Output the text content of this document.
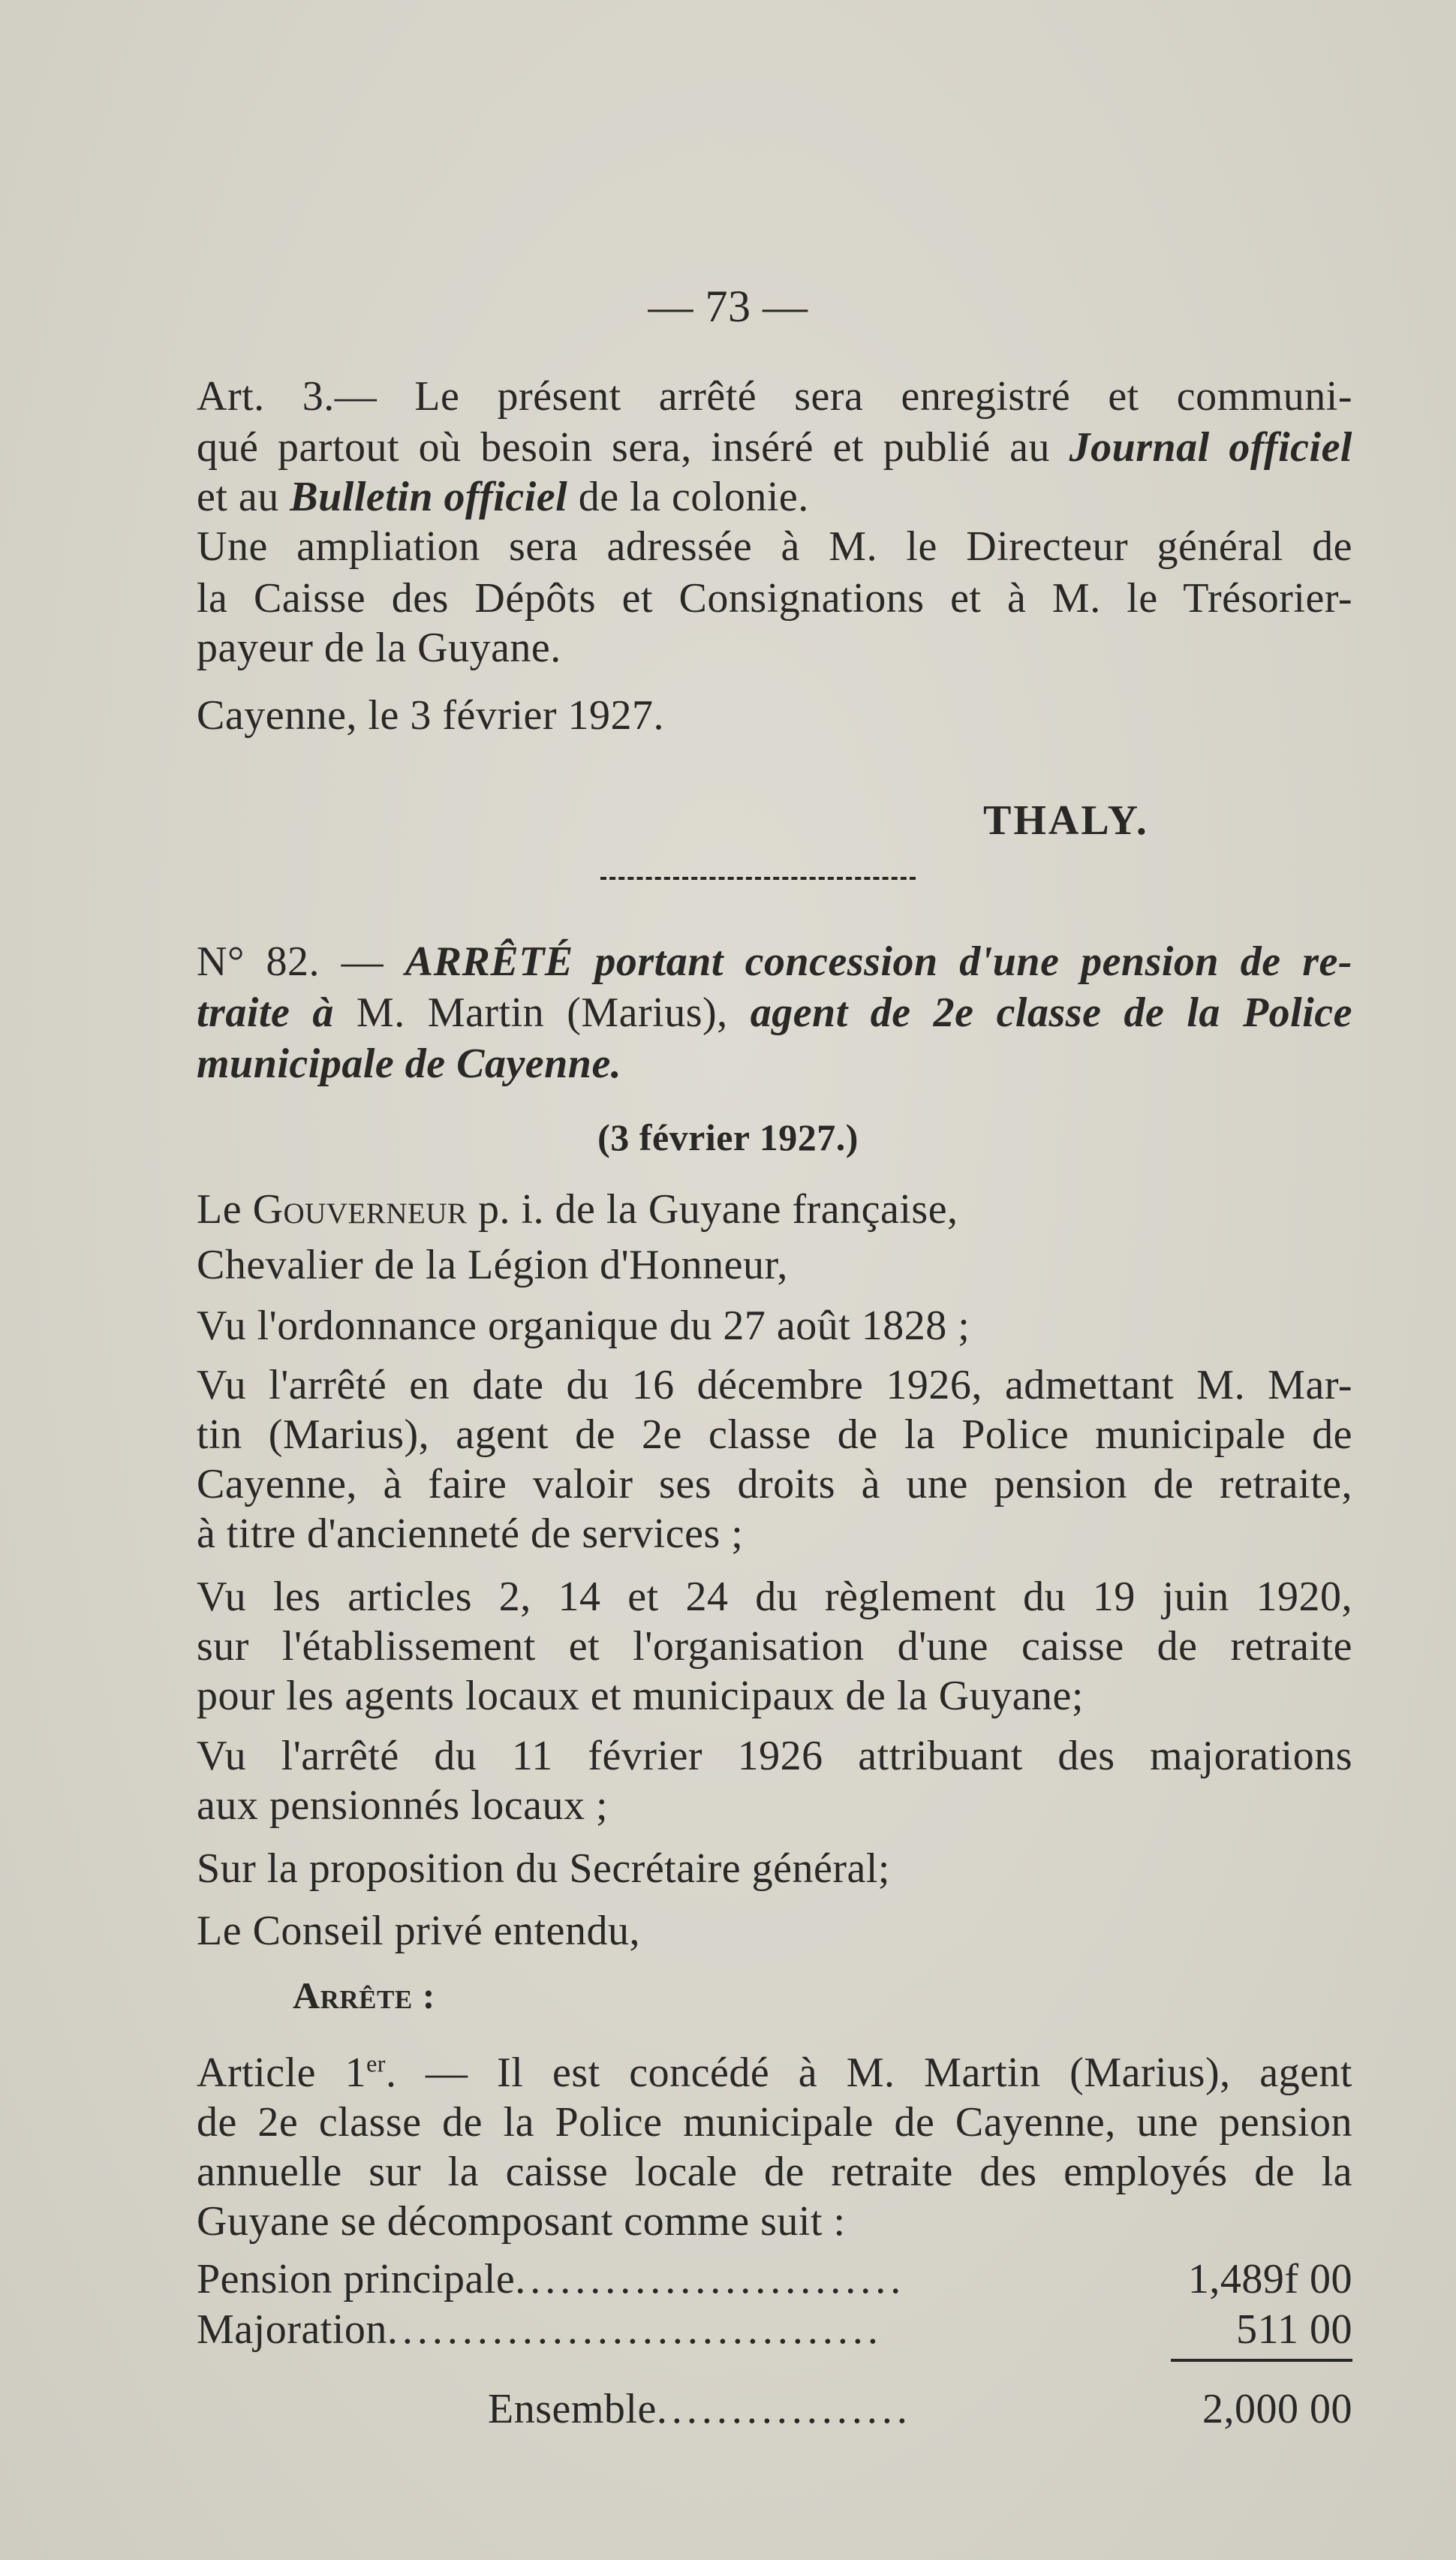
— 73 —
Art. 3.— Le présent arrêté sera enregistré et communi-
qué partout où besoin sera, inséré et publié au Journal officiel
et au Bulletin officiel de la colonie.
Une ampliation sera adressée à M. le Directeur général de
la Caisse des Dépôts et Consignations et à M. le Trésorier-
payeur de la Guyane.
Cayenne, le 3 février 1927.
THALY.
N° 82. — ARRÊTÉ portant concession d'une pension de re-
traite à M. Martin (Marius), agent de 2e classe de la Police
municipale de Cayenne.
(3 février 1927.)
Le Gouverneur p. i. de la Guyane française,
Chevalier de la Légion d'Honneur,
Vu l'ordonnance organique du 27 août 1828 ;
Vu l'arrêté en date du 16 décembre 1926, admettant M. Mar-
tin (Marius), agent de 2e classe de la Police municipale de
Cayenne, à faire valoir ses droits à une pension de retraite,
à titre d'ancienneté de services ;
Vu les articles 2, 14 et 24 du règlement du 19 juin 1920,
sur l'établissement et l'organisation d'une caisse de retraite
pour les agents locaux et municipaux de la Guyane;
Vu l'arrêté du 11 février 1926 attribuant des majorations
aux pensionnés locaux ;
Sur la proposition du Secrétaire général;
Le Conseil privé entendu,
Arrête :
Article 1er. — Il est concédé à M. Martin (Marius), agent
de 2e classe de la Police municipale de Cayenne, une pension
annuelle sur la caisse locale de retraite des employés de la
Guyane se décomposant comme suit :
Pension principale..........................	1,489f 00
Majoration.................................	511 00
Ensemble.................	2,000 00
